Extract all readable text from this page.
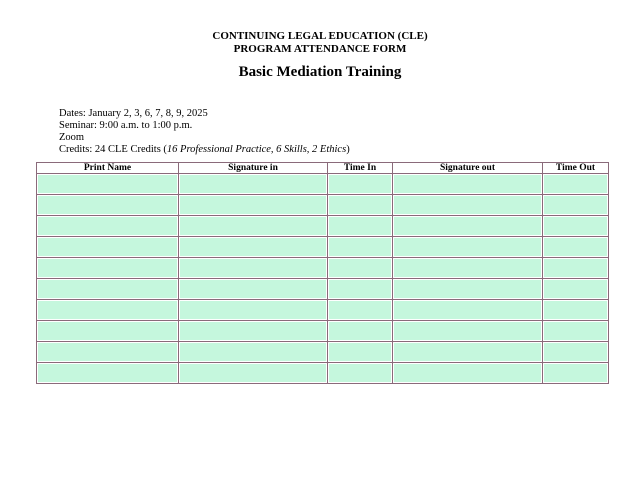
CONTINUING LEGAL EDUCATION (CLE)
PROGRAM ATTENDANCE FORM
Basic Mediation Training
Dates: January 2, 3, 6, 7, 8, 9, 2025
Seminar: 9:00 a.m. to 1:00 p.m.
Zoom
Credits: 24 CLE Credits (16 Professional Practice, 6 Skills, 2 Ethics)
Print Name	Signature in	Time In	Signature out	Time Out
